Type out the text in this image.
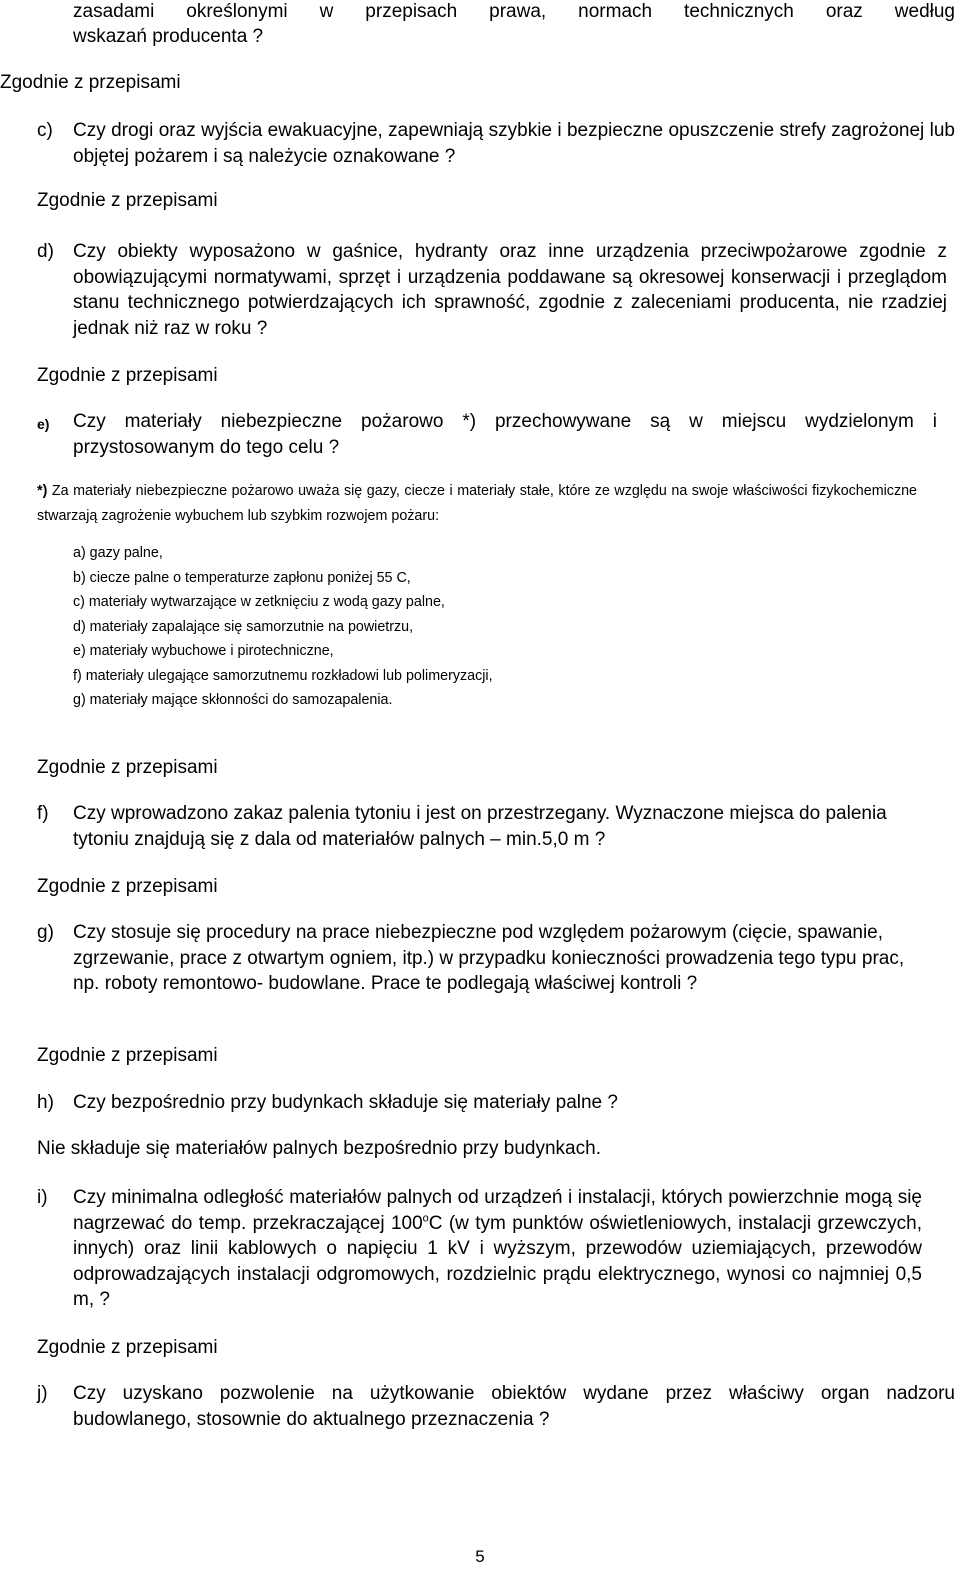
zasadami określonymi w przepisach prawa, normach technicznych oraz według
wskazań producenta ?
Zgodnie z przepisami
c) Czy drogi oraz wyjścia ewakuacyjne, zapewniają szybkie i bezpieczne opuszczenie strefy zagrożonej lub objętej pożarem i są należycie oznakowane ?
Zgodnie z przepisami
d) Czy obiekty wyposażono w gaśnice, hydranty oraz inne urządzenia przeciwpożarowe zgodnie z obowiązującymi normatywami, sprzęt i urządzenia poddawane są okresowej konserwacji i przeglądom stanu technicznego potwierdzających ich sprawność, zgodnie z zaleceniami producenta, nie rzadziej jednak niż raz w roku ?
Zgodnie z przepisami
e) Czy materiały niebezpieczne pożarowo *) przechowywane są w miejscu wydzielonym i przystosowanym do tego celu ?
*) Za materiały niebezpieczne pożarowo uważa się gazy, ciecze i materiały stałe, które ze względu na swoje właściwości fizykochemiczne stwarzają zagrożenie wybuchem lub szybkim rozwojem pożaru:
a) gazy palne,
b) ciecze palne o temperaturze zapłonu poniżej 55 C,
c) materiały wytwarzające w zetknięciu z wodą gazy palne,
d) materiały zapalające się samorzutnie na powietrzu,
e) materiały wybuchowe i pirotechniczne,
f) materiały ulegające samorzutnemu rozkładowi lub polimeryzacji,
g) materiały mające skłonności do samozapalenia.
Zgodnie z przepisami
f) Czy wprowadzono zakaz palenia tytoniu i jest on przestrzegany. Wyznaczone miejsca do palenia tytoniu znajdują się z dala od materiałów palnych – min.5,0 m ?
Zgodnie z przepisami
g) Czy stosuje się procedury na prace niebezpieczne pod względem pożarowym (cięcie, spawanie, zgrzewanie, prace z otwartym ogniem, itp.) w przypadku konieczności prowadzenia tego typu prac, np. roboty remontowo- budowlane. Prace te podlegają właściwej kontroli ?
Zgodnie z przepisami
h) Czy bezpośrednio przy budynkach składuje się materiały palne ?
Nie składuje się materiałów palnych bezpośrednio przy budynkach.
i) Czy minimalna odległość materiałów palnych od urządzeń i instalacji, których powierzchnie mogą się nagrzewać do temp. przekraczającej 100$^o$C (w tym punktów oświetleniowych, instalacji grzewczych, innych) oraz linii kablowych o napięciu 1 kV i wyższym, przewodów uziemiających, przewodów odprowadzających instalacji odgromowych, rozdzielnic prądu elektrycznego, wynosi co najmniej 0,5 m, ?
Zgodnie z przepisami
j) Czy uzyskano pozwolenie na użytkowanie obiektów wydane przez właściwy organ nadzoru budowlanego, stosownie do aktualnego przeznaczenia ?
5
